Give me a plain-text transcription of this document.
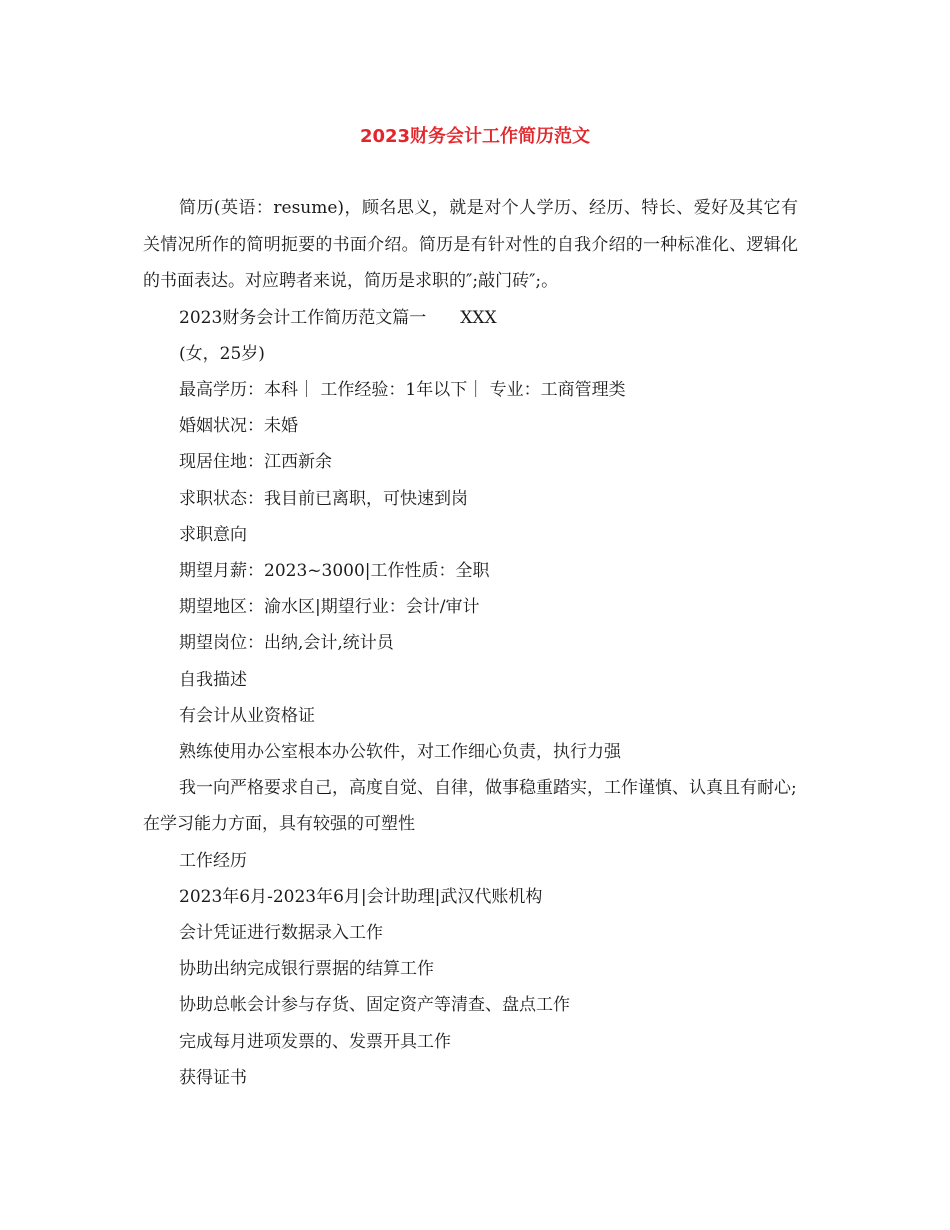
2023财务会计工作简历范文

简历(英语：resume)，顾名思义，就是对个人学历、经历、特长、爱好及其它有关情况所作的简明扼要的书面介绍。简历是有针对性的自我介绍的一种标准化、逻辑化的书面表达。对应聘者来说，简历是求职的″;敲门砖″;。

2023财务会计工作简历范文篇一　　XXX

(女，25岁)

最高学历：本科｜ 工作经验：1年以下｜ 专业：工商管理类

婚姻状况：未婚

现居住地：江西新余

求职状态：我目前已离职，可快速到岗

求职意向

期望月薪：2023~3000|工作性质：全职

期望地区：渝水区|期望行业：会计/审计

期望岗位：出纳,会计,统计员

自我描述

有会计从业资格证

熟练使用办公室根本办公软件，对工作细心负责，执行力强

我一向严格要求自己，高度自觉、自律，做事稳重踏实，工作谨慎、认真且有耐心;在学习能力方面，具有较强的可塑性

工作经历

2023年6月-2023年6月|会计助理|武汉代账机构

会计凭证进行数据录入工作

协助出纳完成银行票据的结算工作

协助总帐会计参与存货、固定资产等清查、盘点工作

完成每月进项发票的、发票开具工作

获得证书
